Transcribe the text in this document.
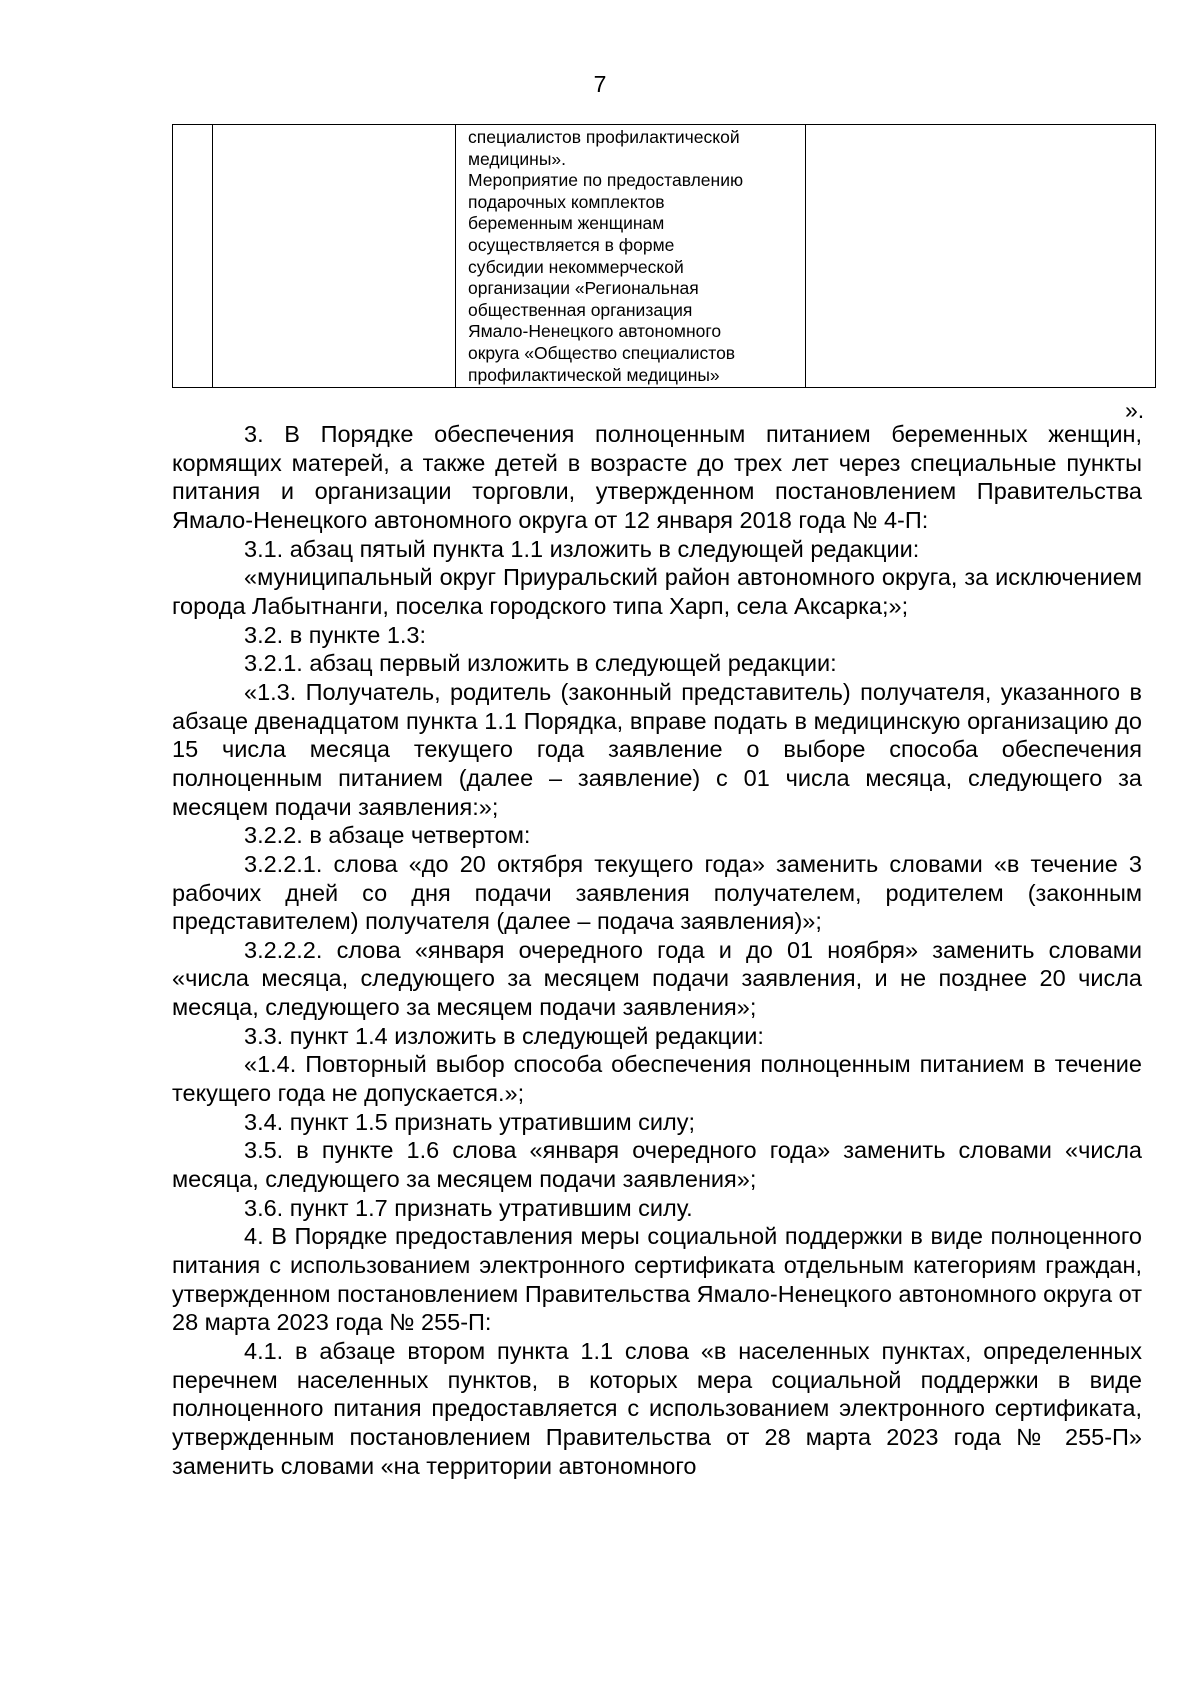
7

специалистов профилактической
медицины».
Мероприятие по предоставлению
подарочных комплектов
беременным женщинам
осуществляется в форме
субсидии некоммерческой
организации «Региональная
общественная организация
Ямало-Ненецкого автономного
округа «Общество специалистов
профилактической медицины»

».

3. В Порядке обеспечения полноценным питанием беременных женщин, кормящих матерей, а также детей в возрасте до трех лет через специальные пункты питания и организации торговли, утвержденном постановлением Правительства Ямало-Ненецкого автономного округа от 12 января 2018 года № 4-П:

3.1. абзац пятый пункта 1.1 изложить в следующей редакции:

«муниципальный округ Приуральский район автономного округа, за исключением города Лабытнанги, поселка городского типа Харп, села Аксарка;»;

3.2. в пункте 1.3:

3.2.1. абзац первый изложить в следующей редакции:

«1.3. Получатель, родитель (законный представитель) получателя, указанного в абзаце двенадцатом пункта 1.1 Порядка, вправе подать в медицинскую организацию до 15 числа месяца текущего года заявление о выборе способа обеспечения полноценным питанием (далее – заявление) с 01 числа месяца, следующего за месяцем подачи заявления:»;

3.2.2. в абзаце четвертом:

3.2.2.1. слова «до 20 октября текущего года» заменить словами «в течение 3 рабочих дней со дня подачи заявления получателем, родителем (законным представителем) получателя (далее – подача заявления)»;

3.2.2.2. слова «января очередного года и до 01 ноября» заменить словами «числа месяца, следующего за месяцем подачи заявления, и не позднее 20 числа месяца, следующего за месяцем подачи заявления»;

3.3. пункт 1.4 изложить в следующей редакции:

«1.4. Повторный выбор способа обеспечения полноценным питанием в течение текущего года не допускается.»;

3.4. пункт 1.5 признать утратившим силу;

3.5. в пункте 1.6 слова «января очередного года» заменить словами «числа месяца, следующего за месяцем подачи заявления»;

3.6. пункт 1.7 признать утратившим силу.

4. В Порядке предоставления меры социальной поддержки в виде полноценного питания с использованием электронного сертификата отдельным категориям граждан, утвержденном постановлением Правительства Ямало-Ненецкого автономного округа от 28 марта 2023 года № 255-П:

4.1. в абзаце втором пункта 1.1 слова «в населенных пунктах, определенных перечнем населенных пунктов, в которых мера социальной поддержки в виде полноценного питания предоставляется с использованием электронного сертификата, утвержденным постановлением Правительства от 28 марта 2023 года № 255-П» заменить словами «на территории автономного
